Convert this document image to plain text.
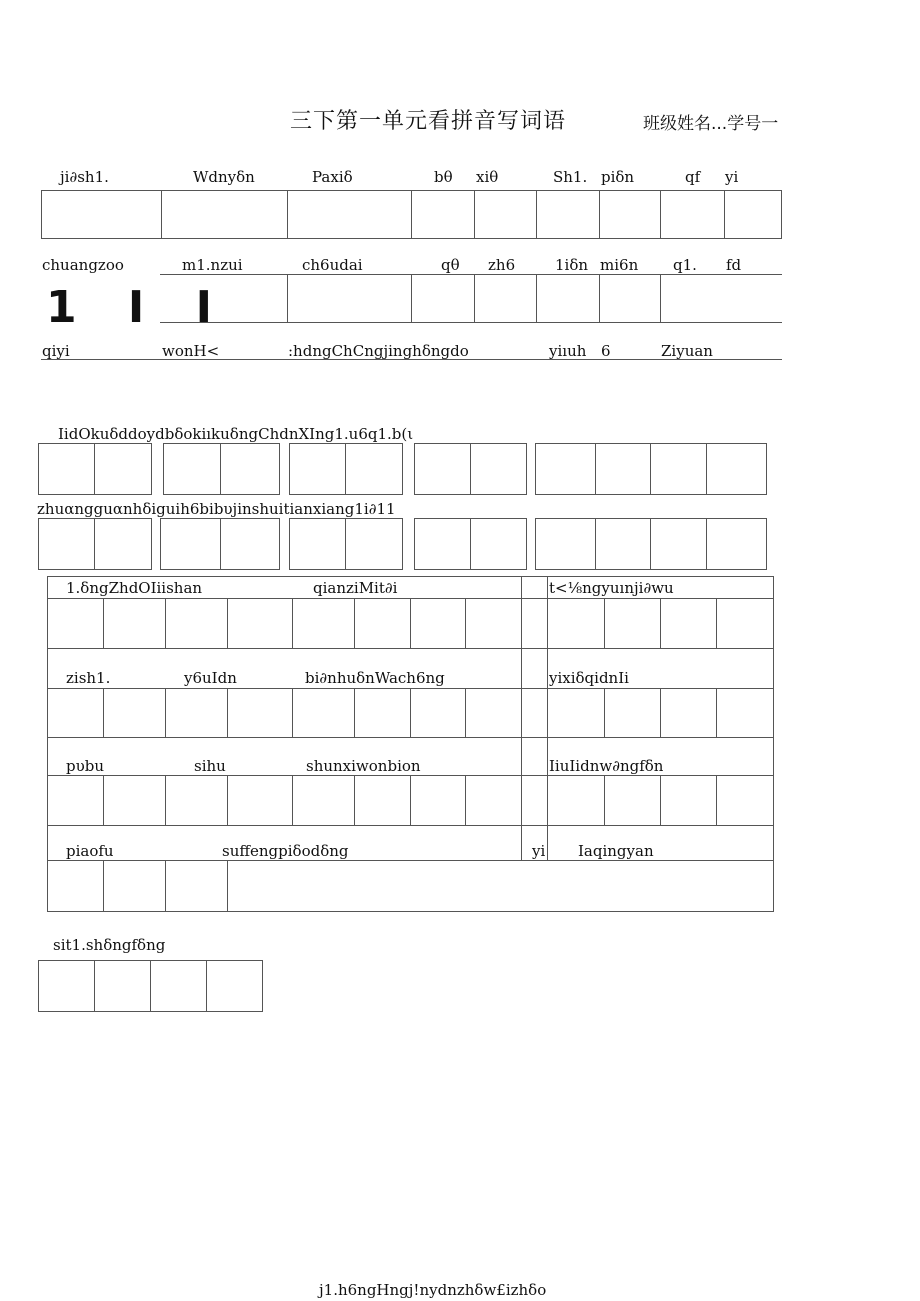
三下第一单元看拼音写词语	班级姓名...学号一
ji∂sh1.	Wdnyδn	Paxiδ	bθ xiθ	Sh1. piδn	qf yi
chuangzoo	m1.nzui	ch6udai	qθ zh6	1iδn mi6n q1. fd
1 I I
qiyi	wonH<	:hdngChCngjinghδngdo	yiıuh 6	Ziyuan
IidOkuδddoydbδokiıkuδngChdnXIng1.u6q1.b(ι
zhuαngguαnhδiguih6bibυjinshuitianxiang1i∂11
1.δngZhdOIiishan	qianziMit∂i	t<⅛ngyuınji∂wu
zish1.	y6uIdn	bi∂nhuδnWach6ng	yixiδqidnIi
pυbu	sihu	shunxiwonbion	IiuIidnw∂ngfδn
piaofu	suffengpiδodδng	yi Iaqingyan
sit1.shδngfδng
j1.h6ngHngj!nydnzhδw£izhδo
